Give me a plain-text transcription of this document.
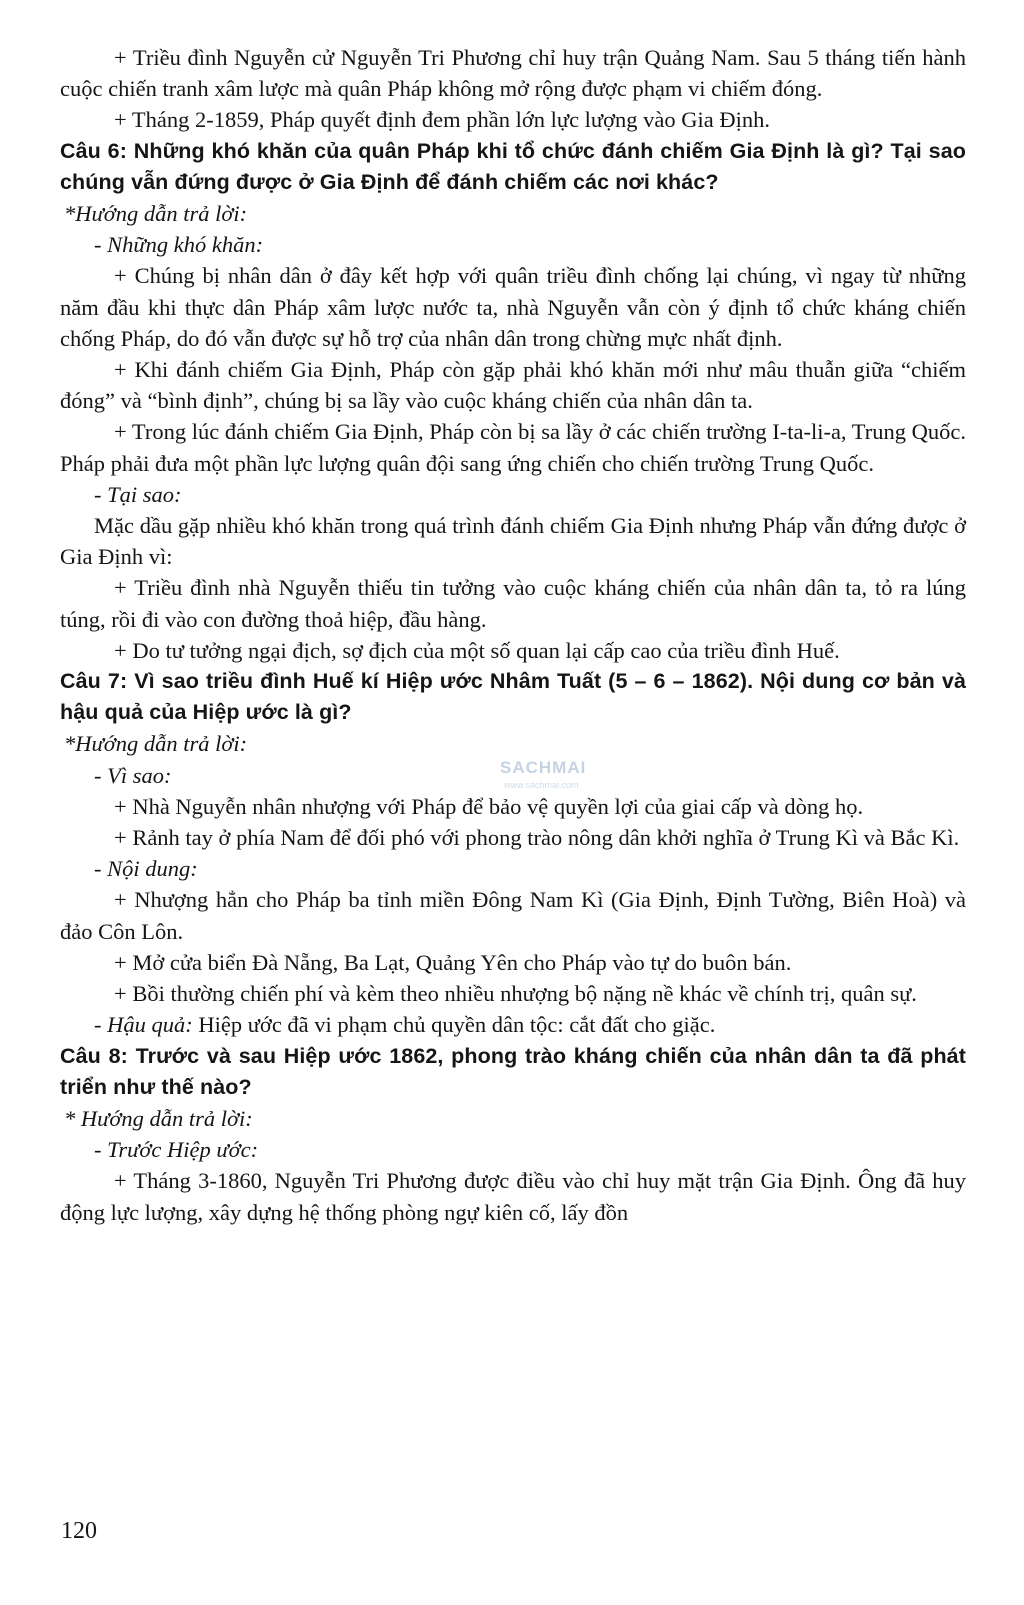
+ Triều đình Nguyễn cử Nguyễn Tri Phương chỉ huy trận Quảng Nam. Sau 5 tháng tiến hành cuộc chiến tranh xâm lược mà quân Pháp không mở rộng được phạm vi chiếm đóng.

+ Tháng 2-1859, Pháp quyết định đem phần lớn lực lượng vào Gia Định.

Câu 6: Những khó khăn của quân Pháp khi tổ chức đánh chiếm Gia Định là gì? Tại sao chúng vẫn đứng được ở Gia Định để đánh chiếm các nơi khác?

*Hướng dẫn trả lời:

- Những khó khăn:

+ Chúng bị nhân dân ở đây kết hợp với quân triều đình chống lại chúng, vì ngay từ những năm đầu khi thực dân Pháp xâm lược nước ta, nhà Nguyễn vẫn còn ý định tổ chức kháng chiến chống Pháp, do đó vẫn được sự hỗ trợ của nhân dân trong chừng mực nhất định.

+ Khi đánh chiếm Gia Định, Pháp còn gặp phải khó khăn mới như mâu thuẫn giữa “chiếm đóng” và “bình định”, chúng bị sa lầy vào cuộc kháng chiến của nhân dân ta.

+ Trong lúc đánh chiếm Gia Định, Pháp còn bị sa lầy ở các chiến trường I-ta-li-a, Trung Quốc. Pháp phải đưa một phần lực lượng quân đội sang ứng chiến cho chiến trường Trung Quốc.

- Tại sao:

Mặc dầu gặp nhiều khó khăn trong quá trình đánh chiếm Gia Định nhưng Pháp vẫn đứng được ở Gia Định vì:

+ Triều đình nhà Nguyễn thiếu tin tưởng vào cuộc kháng chiến của nhân dân ta, tỏ ra lúng túng, rồi đi vào con đường thoả hiệp, đầu hàng.

+ Do tư tưởng ngại địch, sợ địch của một số quan lại cấp cao của triều đình Huế.

Câu 7: Vì sao triều đình Huế kí Hiệp ước Nhâm Tuất (5 – 6 – 1862). Nội dung cơ bản và hậu quả của Hiệp ước là gì?

*Hướng dẫn trả lời:

- Vì sao:

+ Nhà Nguyễn nhân nhượng với Pháp để bảo vệ quyền lợi của giai cấp và dòng họ.

+ Rảnh tay ở phía Nam để đối phó với phong trào nông dân khởi nghĩa ở Trung Kì và Bắc Kì.

- Nội dung:

+ Nhượng hẳn cho Pháp ba tỉnh miền Đông Nam Kì (Gia Định, Định Tường, Biên Hoà) và đảo Côn Lôn.

+ Mở cửa biển Đà Nẵng, Ba Lạt, Quảng Yên cho Pháp vào tự do buôn bán.

+ Bồi thường chiến phí và kèm theo nhiều nhượng bộ nặng nề khác về chính trị, quân sự.

- Hậu quả: Hiệp ước đã vi phạm chủ quyền dân tộc: cắt đất cho giặc.

Câu 8: Trước và sau Hiệp ước 1862, phong trào kháng chiến của nhân dân ta đã phát triển như thế nào?

* Hướng dẫn trả lời:

- Trước Hiệp ước:

+ Tháng 3-1860, Nguyễn Tri Phương được điều vào chỉ huy mặt trận Gia Định. Ông đã huy động lực lượng, xây dựng hệ thống phòng ngự kiên cố, lấy đồn

120
SACHMAI
www.sachmai.com
